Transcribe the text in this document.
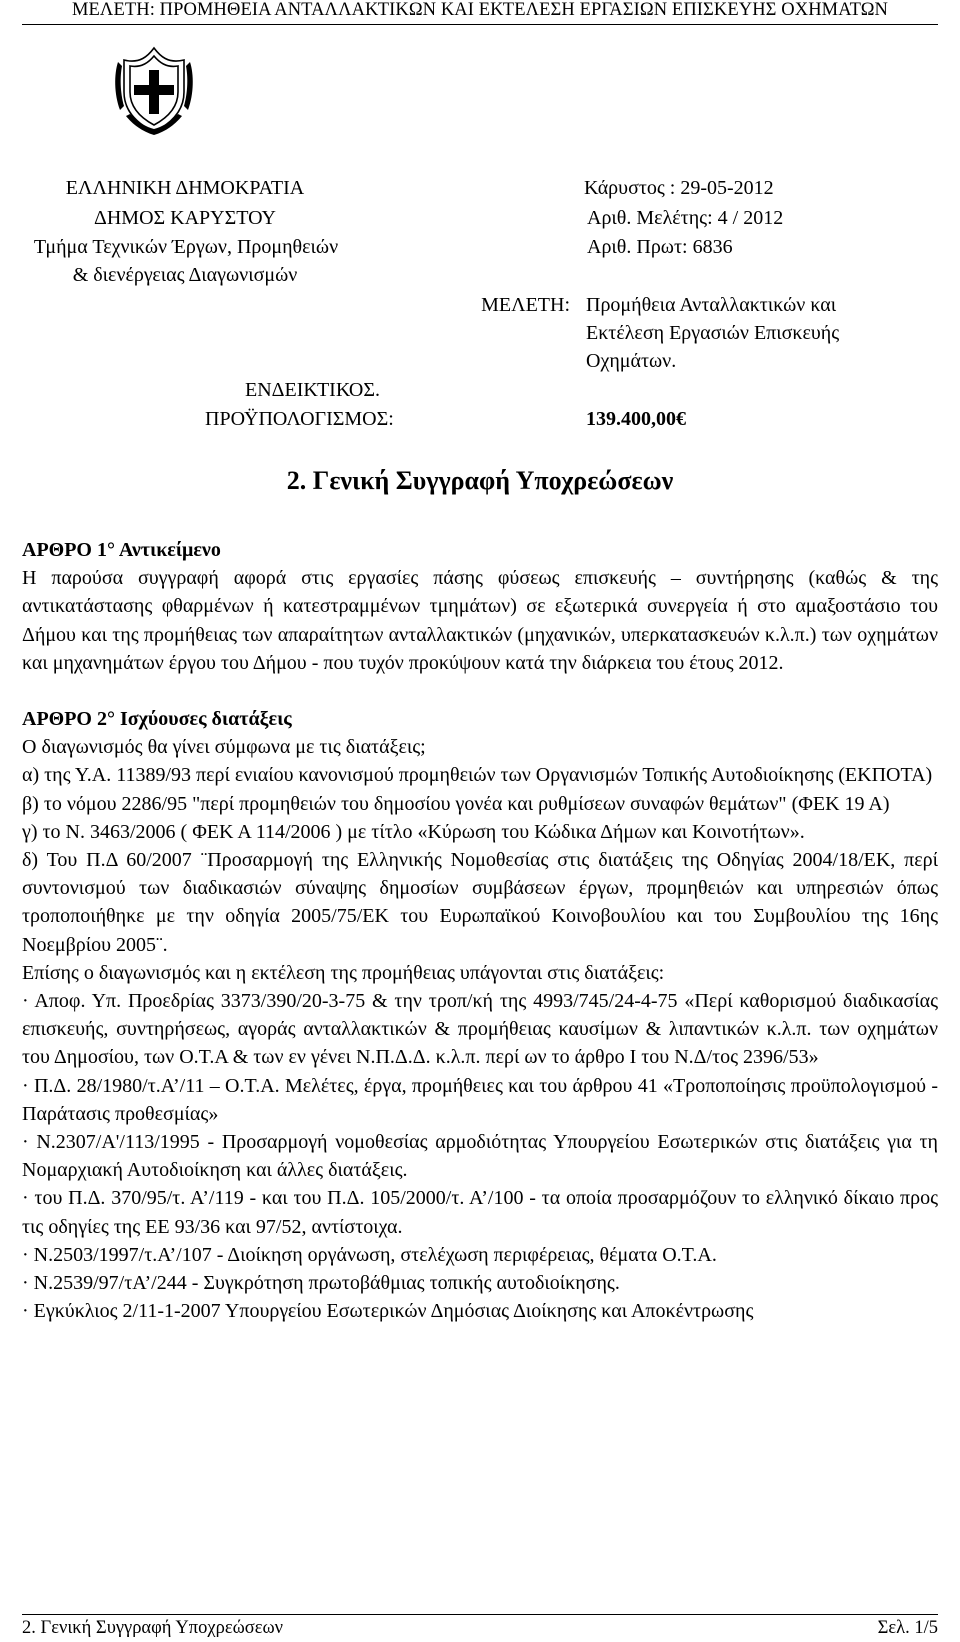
ΜΕΛΕΤΗ: ΠΡΟΜΗΘΕΙΑ ΑΝΤΑΛΛΑΚΤΙΚΩΝ ΚΑΙ ΕΚΤΕΛΕΣΗ ΕΡΓΑΣΙΩΝ ΕΠΙΣΚΕΥΗΣ ΟΧΗΜΑΤΩΝ
ΕΛΛΗΝΙΚΗ ΔΗΜΟΚΡΑΤΙΑ
ΔΗΜΟΣ ΚΑΡΥΣΤΟΥ
Τμήμα Τεχνικών Έργων, Προμηθειών
& διενέργειας Διαγωνισμών
Κάρυστος : 29-05-2012
Αριθ. Μελέτης: 4 / 2012
Αριθ. Πρωτ: 6836
ΜΕΛΕΤΗ: Προμήθεια Ανταλλακτικών και
Εκτέλεση Εργασιών Επισκευής
Οχημάτων.
ΕΝΔΕΙΚΤΙΚΟΣ.
ΠΡΟΫΠΟΛΟΓΙΣΜΟΣ:	139.400,00€
2. Γενική Συγγραφή Υποχρεώσεων

ΑΡΘΡΟ 1° Αντικείμενο

Η παρούσα συγγραφή αφορά στις εργασίες πάσης φύσεως επισκευής – συντήρησης (καθώς & της αντικατάστασης φθαρμένων ή κατεστραμμένων τμημάτων) σε εξωτερικά συνεργεία ή στο αμαξοστάσιο του Δήμου και της προμήθειας των απαραίτητων ανταλλακτικών (μηχανικών, υπερκατασκευών κ.λ.π.) των οχημάτων και μηχανημάτων έργου του Δήμου - που τυχόν προκύψουν κατά την διάρκεια του έτους 2012.

ΑΡΘΡΟ 2° Ισχύουσες διατάξεις

Ο διαγωνισμός θα γίνει σύμφωνα με τις διατάξεις;

α) της Υ.Α. 11389/93 περί ενιαίου κανονισμού προμηθειών των Οργανισμών Τοπικής Αυτοδιοίκησης (ΕΚΠΟΤΑ)

β) το νόμου 2286/95 "περί προμηθειών του δημοσίου γονέα και ρυθμίσεων συναφών θεμάτων" (ΦΕΚ 19 Α)

γ) το Ν. 3463/2006 ( ΦΕΚ Α 114/2006 ) με τίτλο «Κύρωση του Κώδικα Δήμων και Κοινοτήτων».

δ) Του Π.Δ 60/2007 ¨Προσαρμογή της Ελληνικής Νομοθεσίας στις διατάξεις της Οδηγίας 2004/18/ΕΚ, περί συντονισμού των διαδικασιών σύναψης δημοσίων συμβάσεων έργων, προμηθειών και υπηρεσιών όπως τροποποιήθηκε με την οδηγία 2005/75/ΕΚ του Ευρωπαϊκού Κοινοβουλίου και του Συμβουλίου της 16ης Νοεμβρίου 2005¨.

Επίσης ο διαγωνισμός και η εκτέλεση της προμήθειας υπάγονται στις διατάξεις:

· Αποφ. Υπ. Προεδρίας 3373/390/20-3-75 & την τροπ/κή της 4993/745/24-4-75 «Περί καθορισμού διαδικασίας επισκευής, συντηρήσεως, αγοράς ανταλλακτικών & προμήθειας καυσίμων & λιπαντικών κ.λ.π. των οχημάτων του Δημοσίου, των Ο.Τ.Α & των εν γένει Ν.Π.Δ.Δ. κ.λ.π. περί ων το άρθρο Ι του Ν.Δ/τος 2396/53»

· Π.Δ. 28/1980/τ.Α’/11 – Ο.Τ.Α. Μελέτες, έργα, προμήθειες και του άρθρου 41 «Τροποποίησις προϋπολογισμού - Παράτασις προθεσμίας»

· Ν.2307/Α'/113/1995 - Προσαρμογή νομοθεσίας αρμοδιότητας Υπουργείου Εσωτερικών στις διατάξεις για τη Νομαρχιακή Αυτοδιοίκηση και άλλες διατάξεις.

· του Π.Δ. 370/95/τ. Α’/119 - και του Π.Δ. 105/2000/τ. Α’/100 - τα οποία προσαρμόζουν το ελληνικό δίκαιο προς τις οδηγίες της ΕΕ 93/36 και 97/52, αντίστοιχα.

· Ν.2503/1997/τ.Α’/107 - Διοίκηση οργάνωση, στελέχωση περιφέρειας, θέματα Ο.Τ.Α.

· Ν.2539/97/τΑ’/244 - Συγκρότηση πρωτοβάθμιας τοπικής αυτοδιοίκησης.

· Εγκύκλιος 2/11-1-2007 Υπουργείου Εσωτερικών Δημόσιας Διοίκησης και Αποκέντρωσης

2. Γενική Συγγραφή Υποχρεώσεων	Σελ. 1/5
